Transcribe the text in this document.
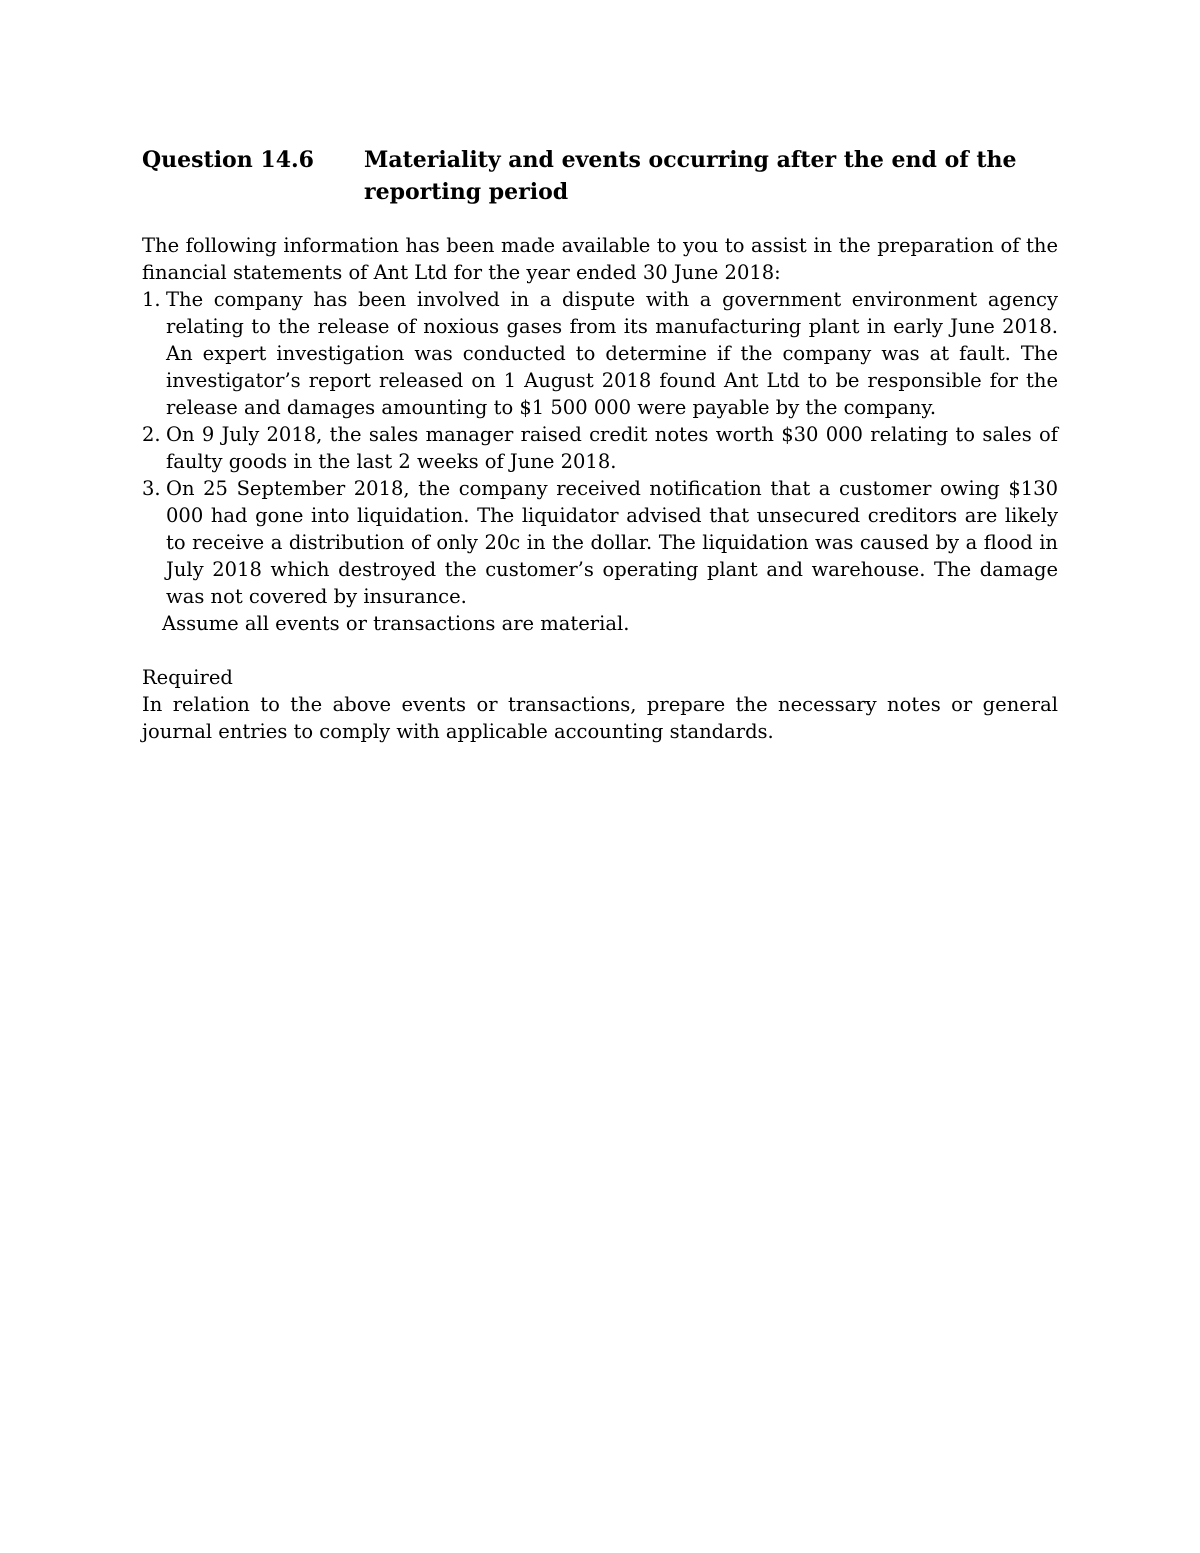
Question 14.6 Materiality and events occurring after the end of the reporting period

The following information has been made available to you to assist in the preparation of the financial statements of Ant Ltd for the year ended 30 June 2018:

1. The company has been involved in a dispute with a government environment agency relating to the release of noxious gases from its manufacturing plant in early June 2018. An expert investigation was conducted to determine if the company was at fault. The investigator’s report released on 1 August 2018 found Ant Ltd to be responsible for the release and damages amounting to $1 500 000 were payable by the company.
2. On 9 July 2018, the sales manager raised credit notes worth $30 000 relating to sales of faulty goods in the last 2 weeks of June 2018.
3. On 25 September 2018, the company received notification that a customer owing $130 000 had gone into liquidation. The liquidator advised that unsecured creditors are likely to receive a distribution of only 20c in the dollar. The liquidation was caused by a flood in July 2018 which destroyed the customer’s operating plant and warehouse. The damage was not covered by insurance.

Assume all events or transactions are material.

Required

In relation to the above events or transactions, prepare the necessary notes or general journal entries to comply with applicable accounting standards.
